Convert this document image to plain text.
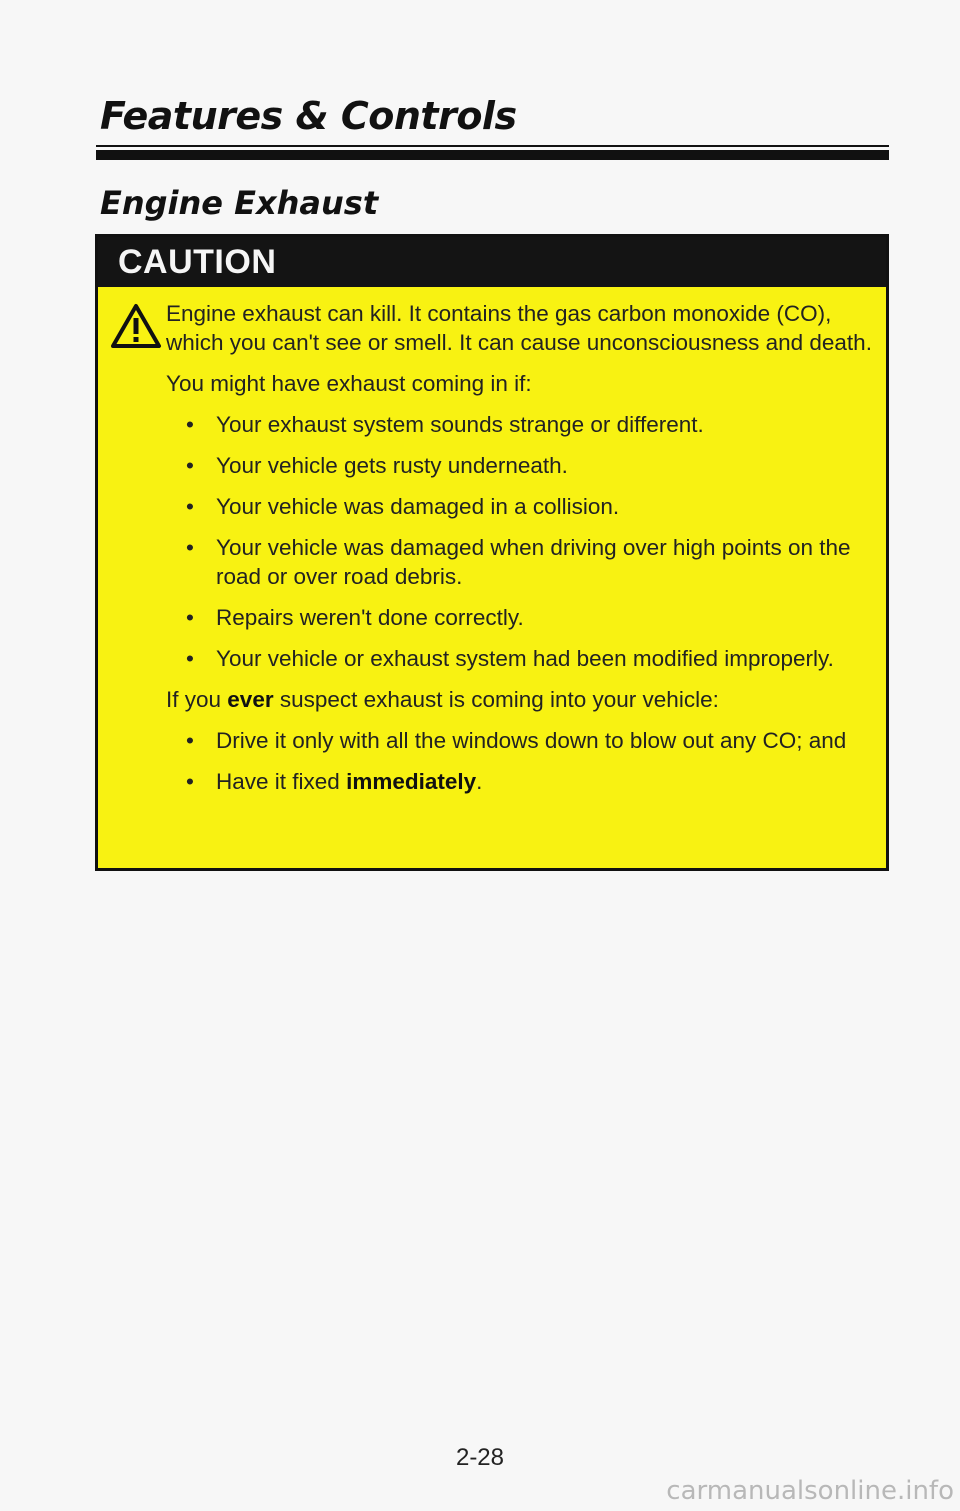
Features & Controls
Engine Exhaust
CAUTION

Engine exhaust can kill. It contains the gas carbon monoxide (CO), which you can't see or smell. It can cause unconsciousness and death.

You might have exhaust coming in if:

• Your exhaust system sounds strange or different.
• Your vehicle gets rusty underneath.
• Your vehicle was damaged in a collision.
• Your vehicle was damaged when driving over high points on the road or over road debris.
• Repairs weren't done correctly.
• Your vehicle or exhaust system had been modified improperly.

If you ever suspect exhaust is coming into your vehicle:

• Drive it only with all the windows down to blow out any CO; and
• Have it fixed immediately.
2-28
carmanualsonline.info
